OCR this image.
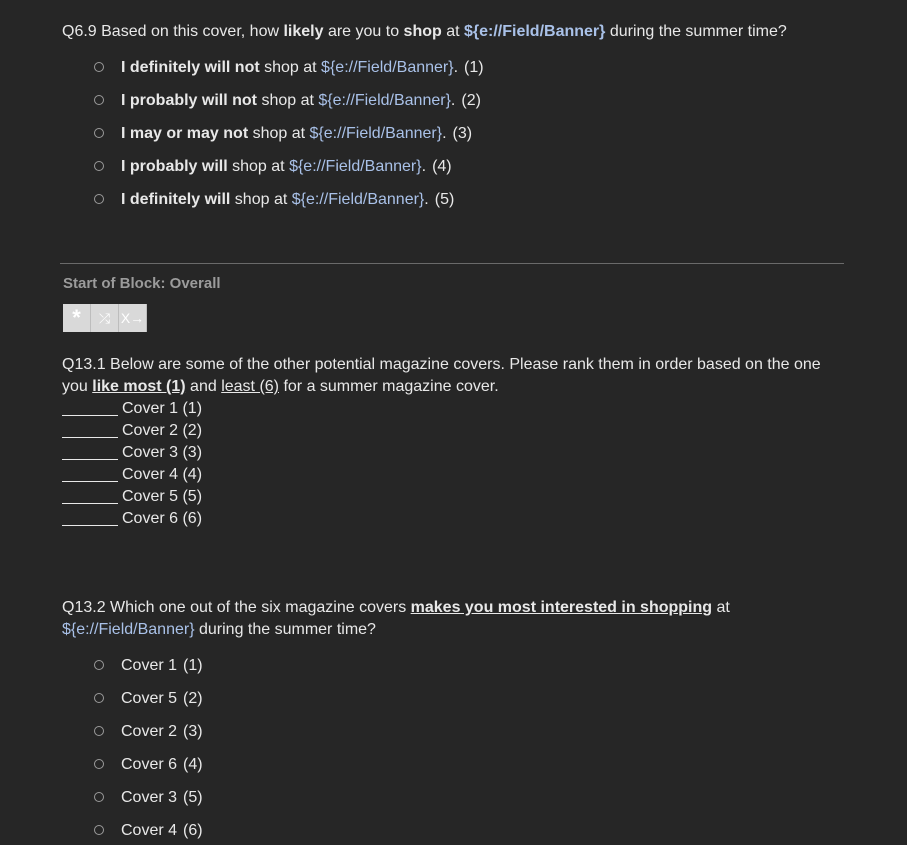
Q6.9 Based on this cover, how likely are you to shop at ${e://Field/Banner} during the summer time?
I definitely will not shop at ${e://Field/Banner}. (1)
I probably will not shop at ${e://Field/Banner}. (2)
I may or may not shop at ${e://Field/Banner}. (3)
I probably will shop at ${e://Field/Banner}. (4)
I definitely will shop at ${e://Field/Banner}. (5)
Start of Block: Overall
*	⤮ X→
Q13.1 Below are some of the other potential magazine covers. Please rank them in order based on the one you like most (1) and least (6) for a summer magazine cover.
Cover 1 (1)
Cover 2 (2)
Cover 3 (3)
Cover 4 (4)
Cover 5 (5)
Cover 6 (6)
Q13.2 Which one out of the six magazine covers makes you most interested in shopping at
${e://Field/Banner} during the summer time?
Cover 1 (1)
Cover 5 (2)
Cover 2 (3)
Cover 6 (4)
Cover 3 (5)
Cover 4 (6)
